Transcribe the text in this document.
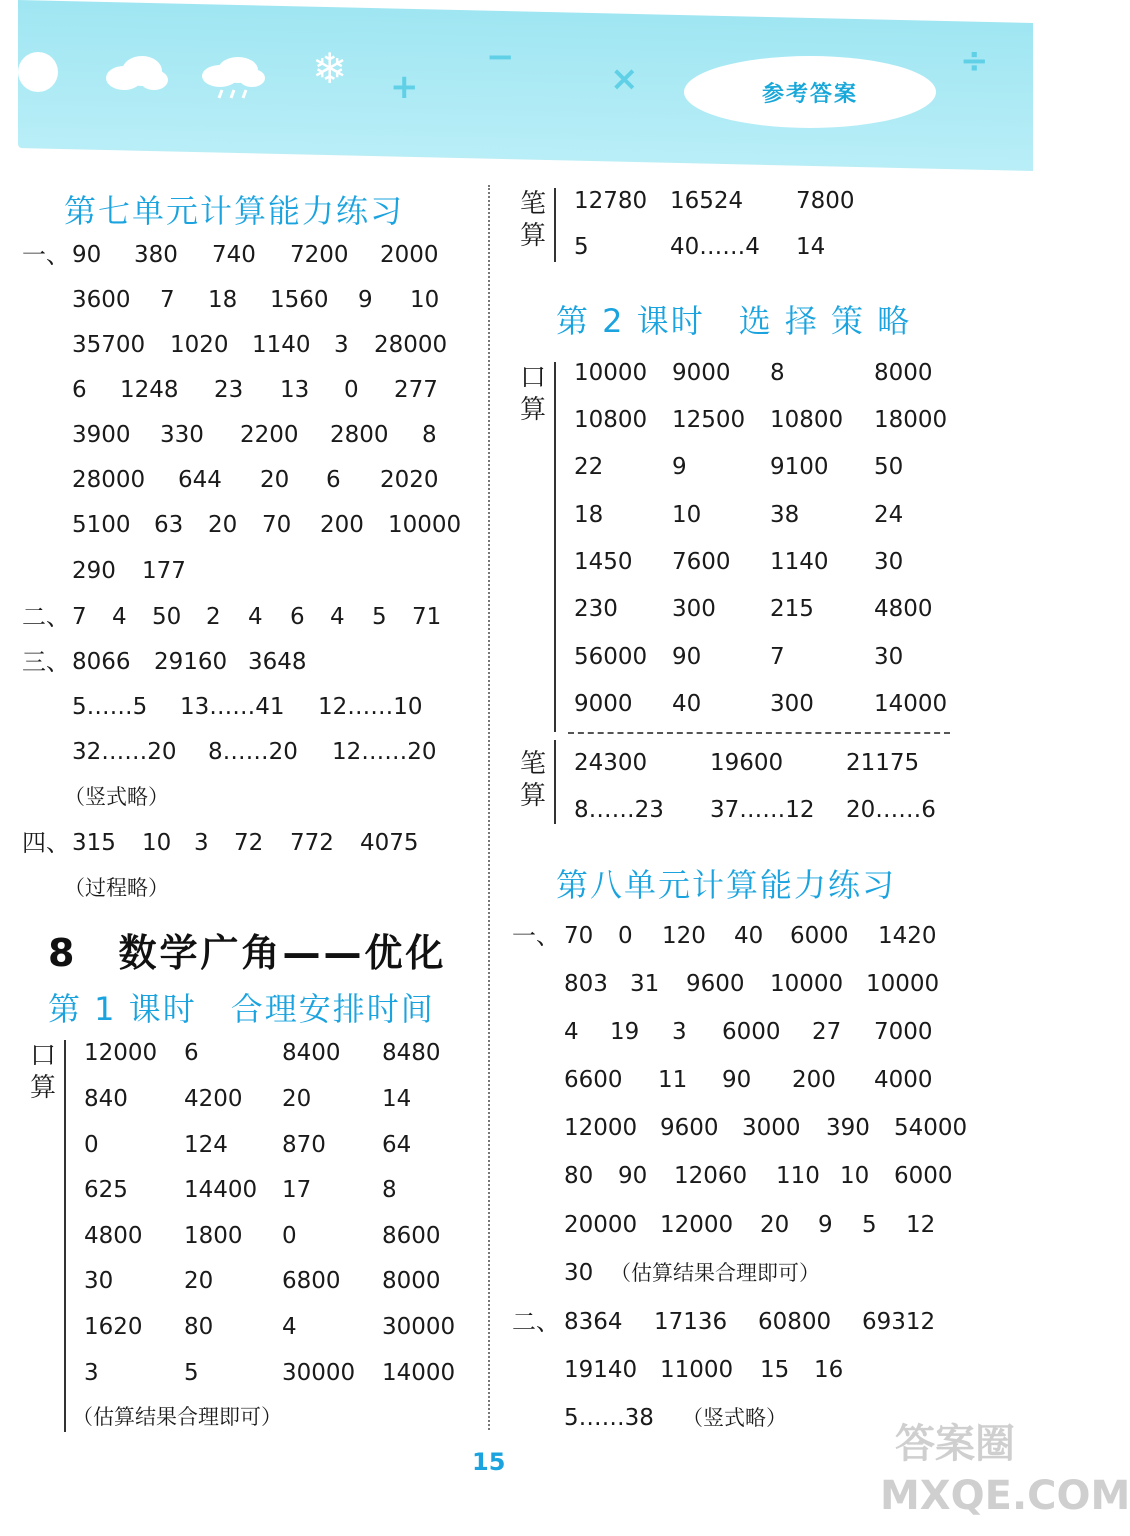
❄ +
−
×	÷
参考答案
第七单元计算能力练习
一、 90 380 740 7200 2000
3600 7 18 1560 9 10
35700 1020 1140 3 28000
6 1248 23 13 0 277
3900 330 2200 2800 8
28000 644 20 6 2020
5100 63 20 70 200 10000
290 177
二、 7 4 50 2 4 6 4 5 71
三、 8066 29160 3648
5……5 13……41 12……10
32……20 8……20 12……20
（竖式略）
四、 315 10 3 72 772 4075
（过程略）
8　数学广角——优化
第 1 课时　合理安排时间
口
算
12000 6	8400 8480
840 4200 20	14
0	124 870 64
625 14400 17	8
4800 1800 0	8600
30	20	6800 8000
1620 80	4	30000
3	5	30000 14000
（估算结果合理即可）
笔
算
12780 16524 7800
5	40……4 14
第 2 课时　选 择 策 略
口
算
10000 9000 8	8000
10800 12500 10800 18000
22	9	9100 50
18	10	38	24
1450 7600 1140 30
230 300 215	4800
56000 90	7	30
9000 40	300	14000
笔
算
24300	19600	21175
8……23 37……12 20……6
第八单元计算能力练习
一、 70 0 120 40 6000 1420
803 31 9600 10000 10000
4 19 3 6000 27 7000
6600 11 90 200 4000
12000 9600 3000 390 54000
80 90 12060 110 10 6000
20000 12000 20 9 5 12
30 （估算结果合理即可）
二、 8364 17136 60800 69312
19140 11000 15 16
5……38 （竖式略）
15	答案圈
MXQE.COM
